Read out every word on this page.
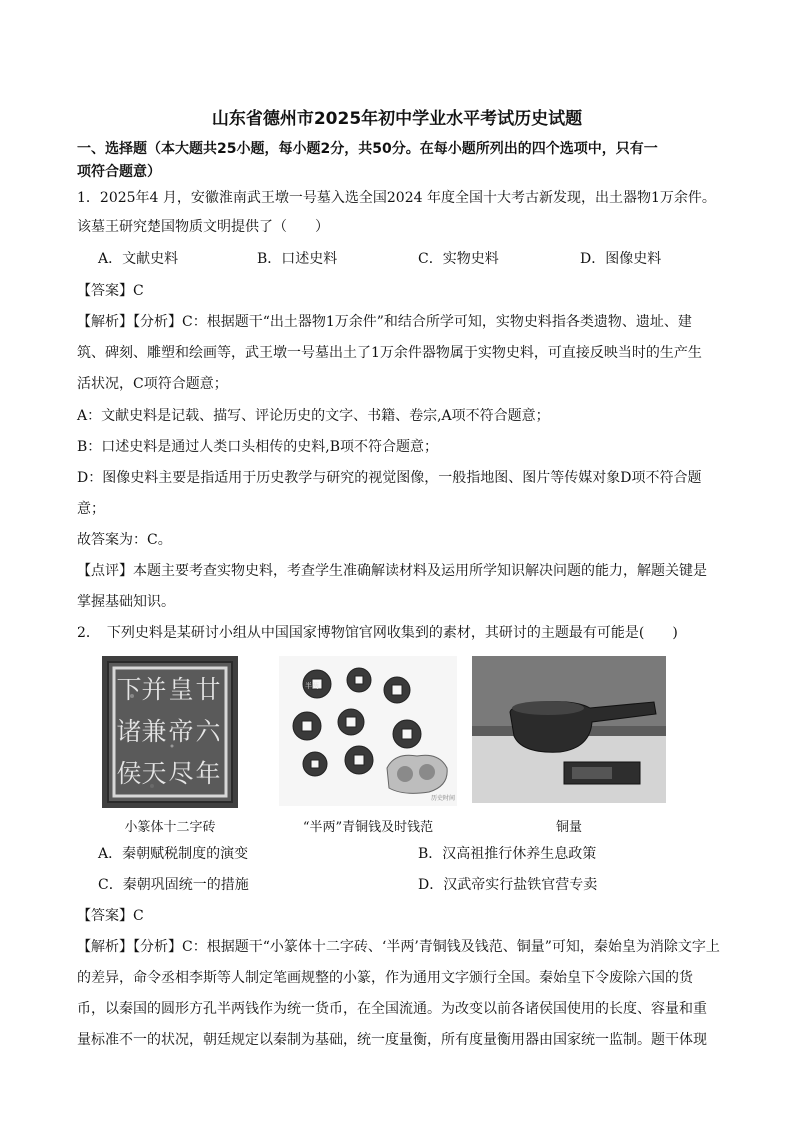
山东省德州市2025年初中学业水平考试历史试题
一、选择题（本大题共25小题，每小题2分，共50分。在每小题所列出的四个选项中，只有一
项符合题意）
1．2025年4 月，安徽淮南武王墩一号墓入选全国2024 年度全国十大考古新发现，出土器物1万余件。
该墓王研究楚国物质文明提供了（　　）
A．文献史料	B．口述史料	C．实物史料	D．图像史料
【答案】C
【解析】【分析】C：根据题干“出土器物1万余件”和结合所学可知，实物史料指各类遗物、遗址、建
筑、碑刻、雕塑和绘画等，武王墩一号墓出土了1万余件器物属于实物史料，可直接反映当时的生产生
活状况，C项符合题意；
A：文献史料是记载、描写、评论历史的文字、书籍、卷宗,A项不符合题意；
B：口述史料是通过人类口头相传的史料,B项不符合题意；
D：图像史料主要是指适用于历史教学与研究的视觉图像，一般指地图、图片等传媒对象D项不符合题
意；
故答案为：C。
【点评】本题主要考查实物史料，考查学生准确解读材料及运用所学知识解决问题的能力，解题关键是
掌握基础知识。
2．　下列史料是某研讨小组从中国国家博物馆官网收集到的素材，其研讨的主题最有可能是(　　)
廿
六
年
皇
帝
尽
并
兼
天
下
诸
侯
半两
历史时间
小篆体十二字砖	“半两”青铜钱及时钱范	铜量
A．秦朝赋税制度的演变	B．汉高祖推行休养生息政策
C．秦朝巩固统一的措施	D．汉武帝实行盐铁官营专卖
【答案】C
【解析】【分析】C：根据题干“小篆体十二字砖、‘半两’青铜钱及钱范、铜量”可知，秦始皇为消除文字上
的差异，命令丞相李斯等人制定笔画规整的小篆，作为通用文字颁行全国。秦始皇下令废除六国的货
币，以秦国的圆形方孔半两钱作为统一货币，在全国流通。为改变以前各诸侯国使用的长度、容量和重
量标准不一的状况，朝廷规定以秦制为基础，统一度量衡，所有度量衡用器由国家统一监制。题干体现
